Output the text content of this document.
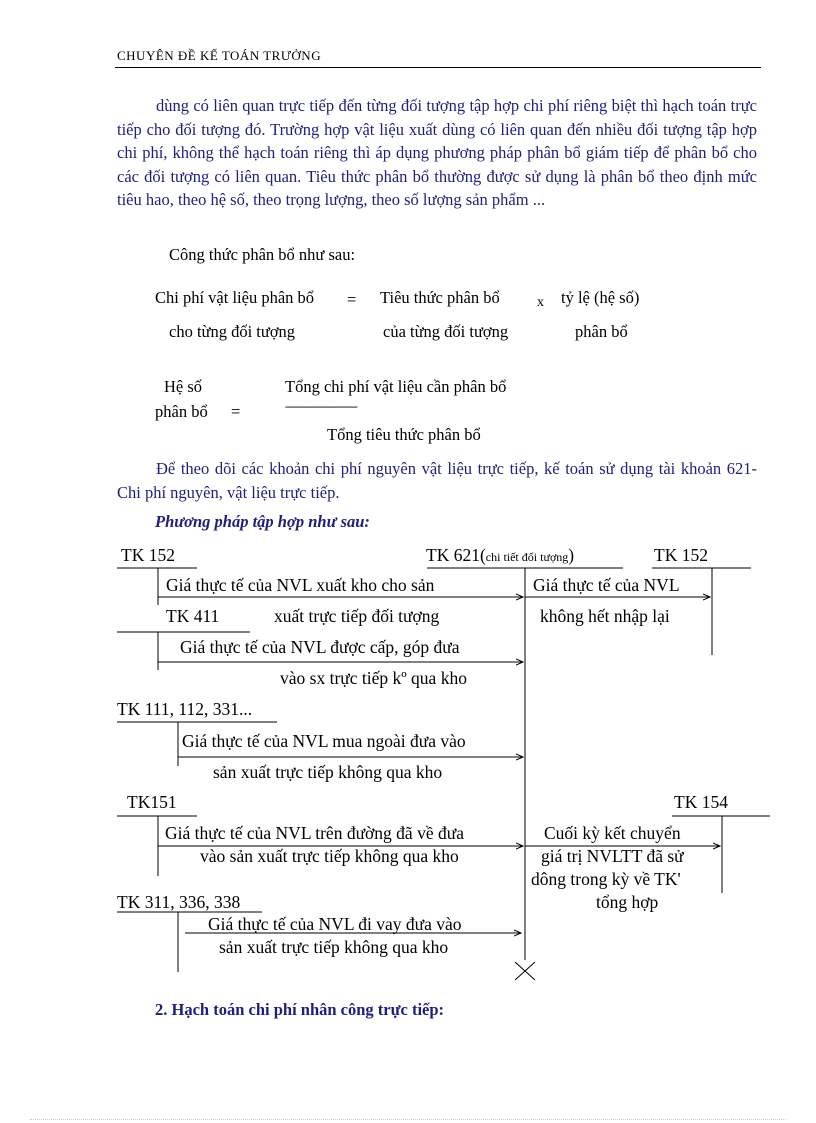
CHUYÊN ĐỀ KẾ TOÁN TRƯỞNG
dùng có liên quan trực tiếp đến từng đối tượng tập hợp chi phí riêng biệt thì hạch toán trực tiếp cho đối tượng đó. Trường hợp vật liệu xuất dùng có liên quan đến nhiều đối tượng tập hợp chi phí, không thể hạch toán riêng thì áp dụng phương pháp phân bổ giám tiếp để phân bổ cho các đối tượng có liên quan. Tiêu thức phân bổ thường được sử dụng là phân bổ theo định mức tiêu hao, theo hệ số, theo trọng lượng, theo số lượng sản phẩm ...
Công thức phân bổ như sau:
Chi phí vật liệu phân bổ
cho từng đối tượng
= Tiêu thức phân bổ
của từng đối tượng
x tỷ lệ (hệ số)
phân bổ
Hệ số
phân bổ =
Tổng chi phí vật liệu cần phân bổ
------------------------
Tổng tiêu thức phân bổ
Để theo dõi các khoản chi phí nguyên vật liệu trực tiếp, kế toán sử dụng tài khoản 621- Chi phí nguyên, vật liệu trực tiếp.
Phương pháp tập hợp như sau:
TK 152	TK 621(chi tiết đối tượng)	TK 152
Giá thực tế của NVL xuất kho cho sản
TK 411	xuất trực tiếp đối tượng
Giá thực tế của NVL
không hết nhập lại
Giá thực tế của NVL được cấp, góp đưa
vào sx trực tiếp kº qua kho
TK 111, 112, 331...
Giá thực tế của NVL mua ngoài đưa vào
sản xuất trực tiếp không qua kho
TK151	TK 154
Giá thực tế của NVL trên đường đã về đưa
vào sản xuất trực tiếp không qua kho
Cuối kỳ kết chuyển
giá trị NVLTT đã sử
dông trong kỳ về TK'
tổng hợp
TK 311, 336, 338
Giá thực tế của NVL đi vay đưa vào
sản xuất trực tiếp không qua kho
2. Hạch toán chi phí nhân công trực tiếp:
